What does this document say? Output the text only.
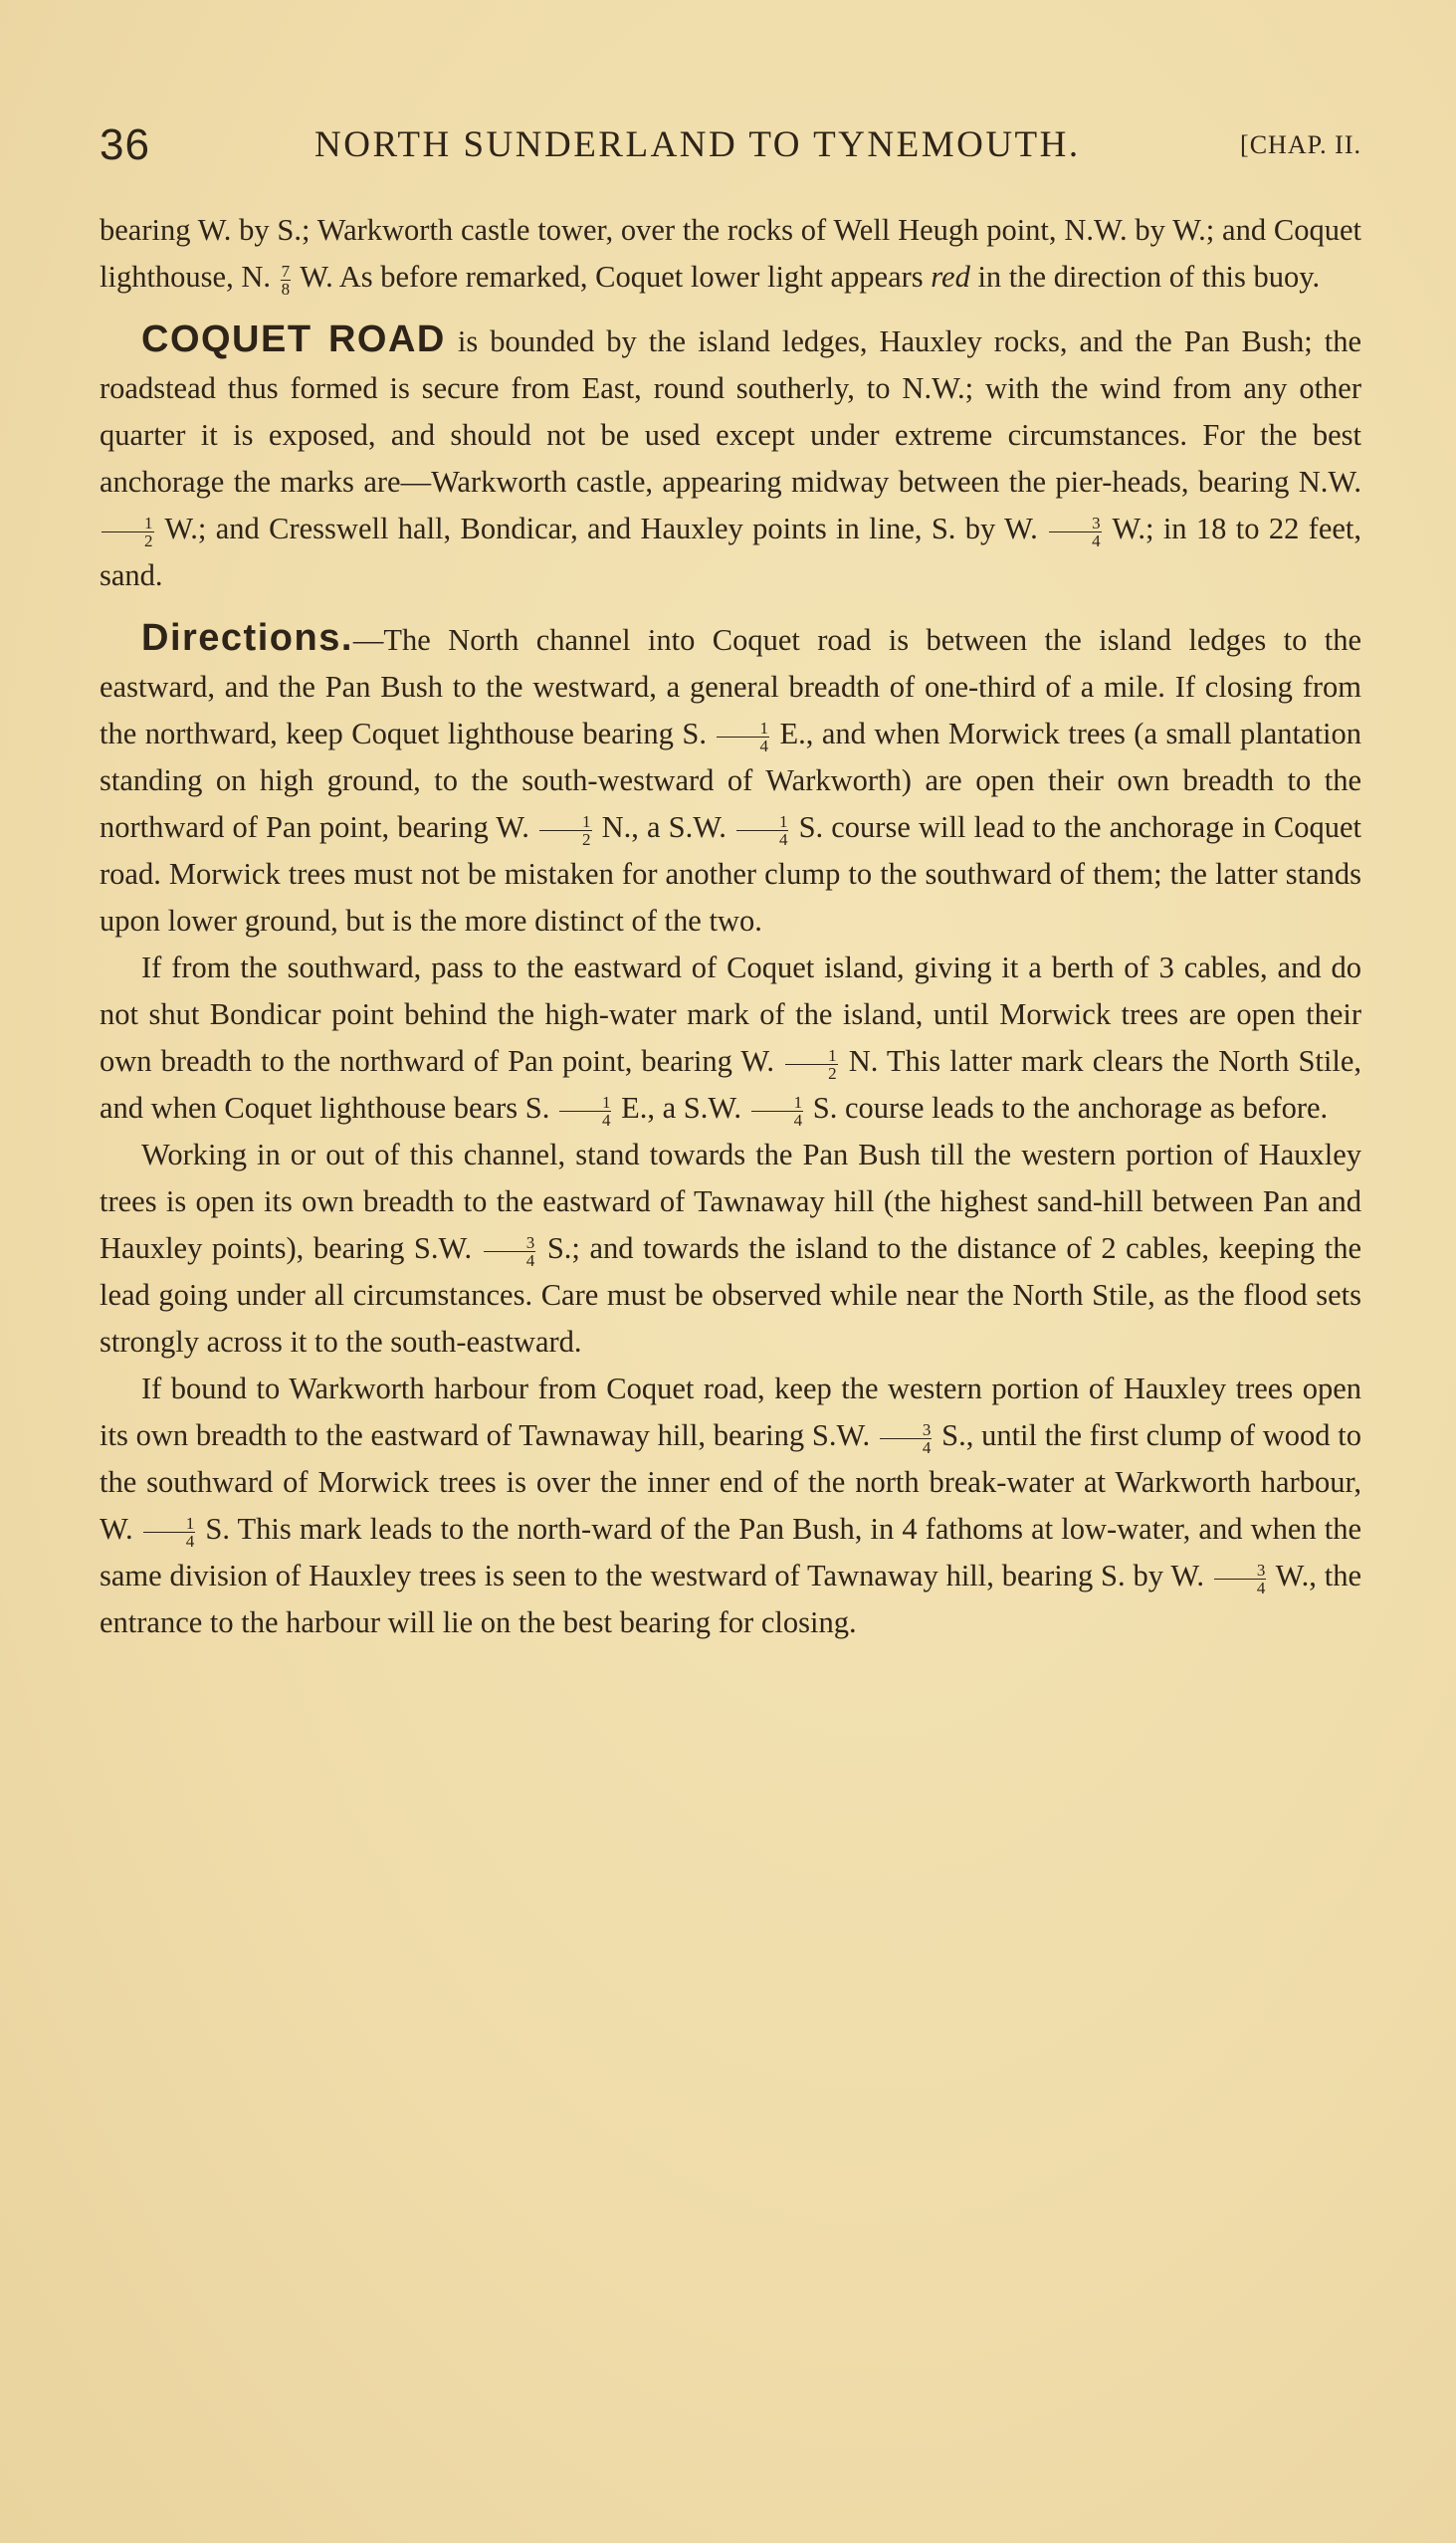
36	NORTH SUNDERLAND TO TYNEMOUTH.	[CHAP. II.

bearing W. by S.; Warkworth castle tower, over the rocks of Well Heugh point, N.W. by W.; and Coquet lighthouse, N. $\frac{7}{8} W$. As before remarked, Coquet lower light appears red in the direction of this buoy.

COQUET ROAD is bounded by the island ledges, Hauxley rocks, and the Pan Bush; the roadstead thus formed is secure from East, round southerly, to N.W.; with the wind from any other quarter it is exposed, and should not be used except under extreme circumstances. For the best anchorage the marks are—Warkworth castle, appearing midway between the pier-heads, bearing N.W.
$\frac{1}{2} W$.; and Cresswell hall, Bondicar, and Hauxley points in line, S. by W. $\frac{3}{4} W$.; in 18 to 22 feet, sand.

Directions.—The North channel into Coquet road is between the island ledges to the eastward, and the Pan Bush to the westward, a general breadth of one-third of a mile. If closing from the northward, keep Coquet lighthouse bearing S. $\frac{1}{4} E$., and when Morwick trees (a small plantation standing on high ground, to the south-westward of Warkworth) are open their own breadth to the northward of Pan point, bearing W. $\frac{1}{2} N$., a S.W. $\frac{1}{4} S$. course will lead to the anchorage in Coquet road. Morwick trees must not be mistaken for another clump to the southward of them; the latter stands upon lower ground, but is the more distinct of the two.

If from the southward, pass to the eastward of Coquet island, giving it a berth of 3 cables, and do not shut Bondicar point behind the high-water mark of the island, until Morwick trees are open their own breadth to the northward of Pan point, bearing W. $\frac{1}{2} N$. This latter mark clears the North Stile, and when Coquet lighthouse bears S. $\frac{1}{4} E$., a S.W. $\frac{1}{4} S$. course leads to the anchorage as before.

Working in or out of this channel, stand towards the Pan Bush till the western portion of Hauxley trees is open its own breadth to the eastward of Tawnaway hill (the highest sand-hill between Pan and Hauxley points), bearing S.W. $\frac{3}{4} S$.; and towards the island to the distance of 2 cables, keeping the lead going under all circumstances. Care must be observed while near the North Stile, as the flood sets strongly across it to the south-eastward.

If bound to Warkworth harbour from Coquet road, keep the western portion of Hauxley trees open its own breadth to the eastward of Tawnaway hill, bearing S.W. $\frac{3}{4} S$., until the first clump of wood to the southward of Morwick trees is over the inner end of the north break-water at Warkworth harbour, W. $\frac{1}{4} S$. This mark leads to the north-ward of the Pan Bush, in 4 fathoms at low-water, and when the same division of Hauxley trees is seen to the westward of Tawnaway hill, bearing S. by W. $\frac{3}{4} W$., the entrance to the harbour will lie on the best bearing for closing.
